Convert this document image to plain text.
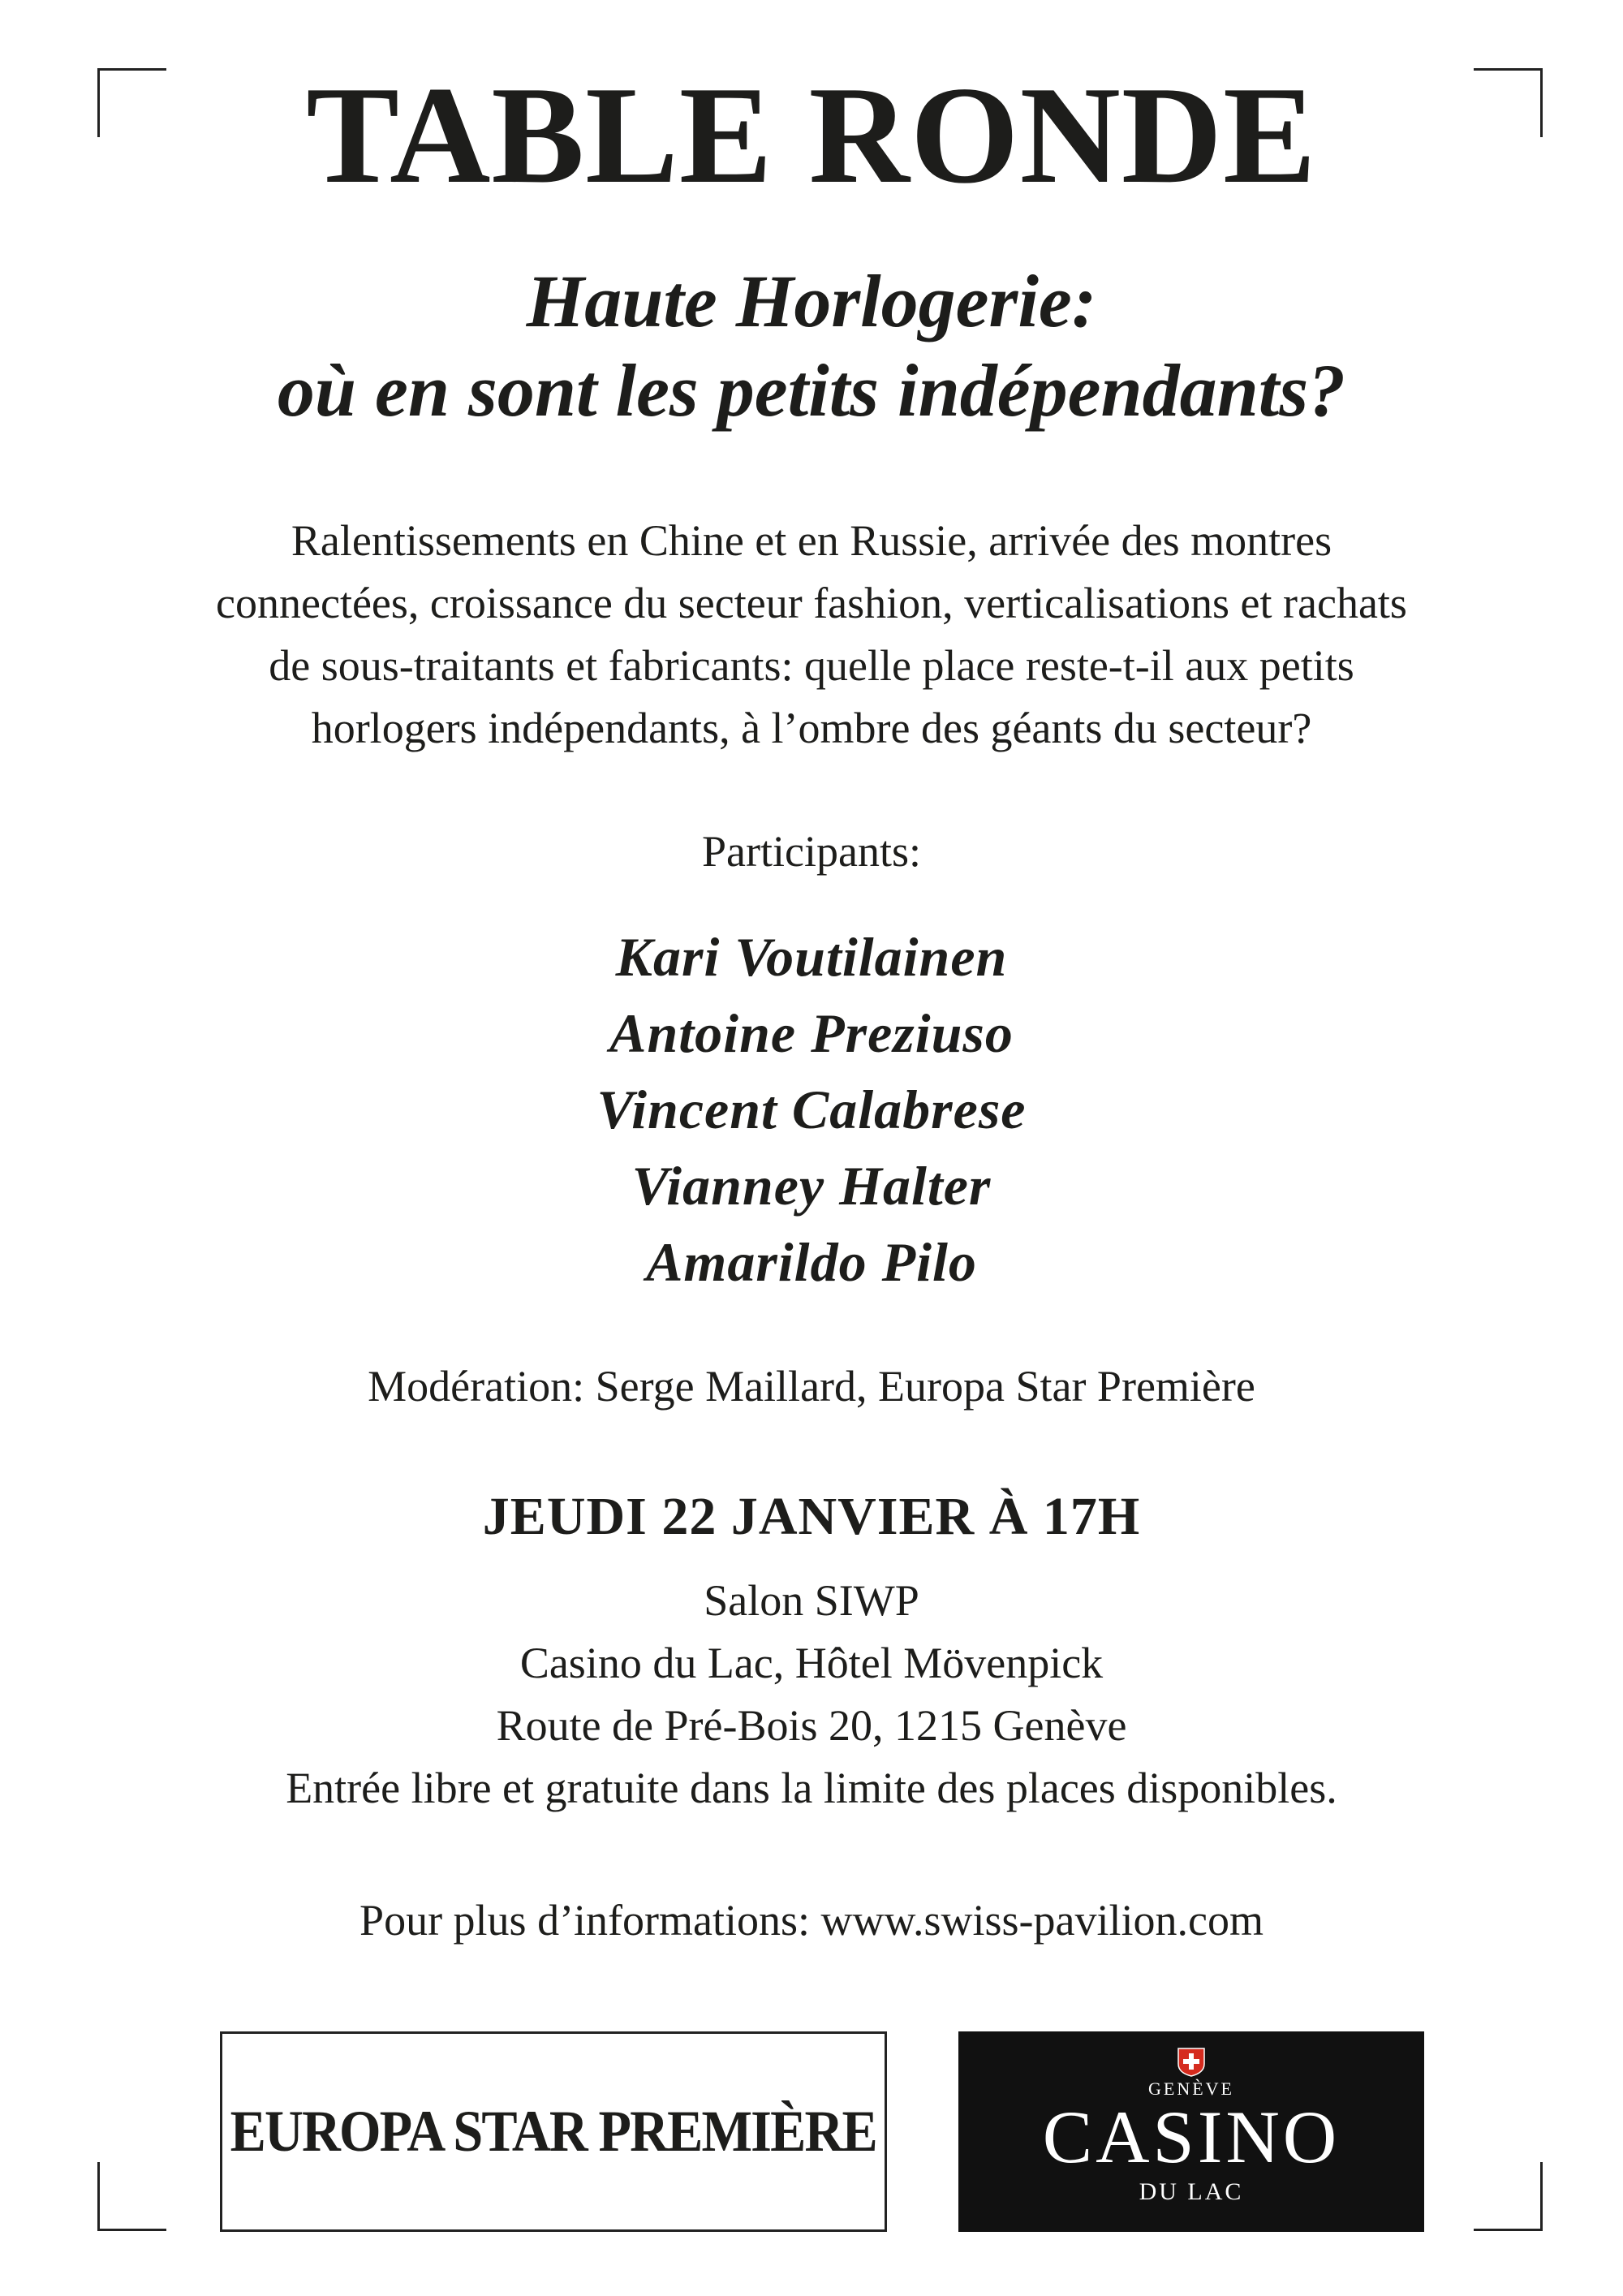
TABLE RONDE
Haute Horlogerie:
où en sont les petits indépendants?
Ralentissements en Chine et en Russie, arrivée des montres
connectées, croissance du secteur fashion, verticalisations et rachats
de sous-traitants et fabricants: quelle place reste-t-il aux petits
horlogers indépendants, à l’ombre des géants du secteur?
Participants:
Kari Voutilainen
Antoine Preziuso
Vincent Calabrese
Vianney Halter
Amarildo Pilo
Modération: Serge Maillard, Europa Star Première
JEUDI 22 JANVIER À 17H
Salon SIWP
Casino du Lac, Hôtel Mövenpick
Route de Pré-Bois 20, 1215 Genève
Entrée libre et gratuite dans la limite des places disponibles.
Pour plus d’informations: www.swiss-pavilion.com
EUROPA STAR PREMIÈRE
GENÈVE
CASINO
DU LAC
